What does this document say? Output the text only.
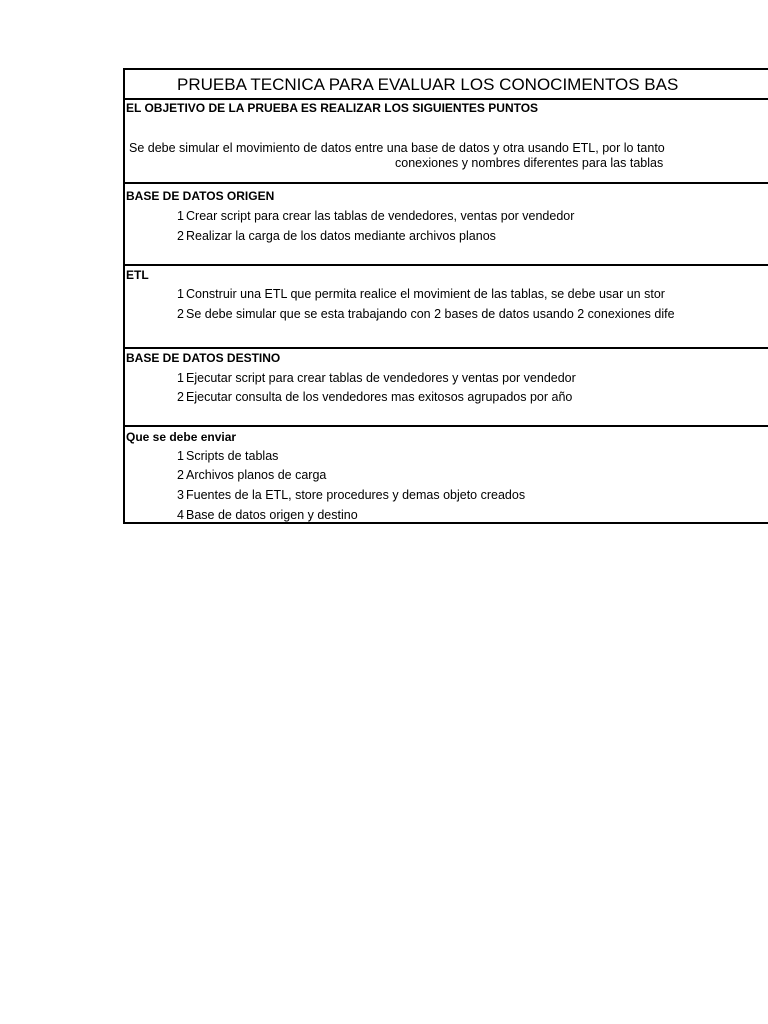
PRUEBA TECNICA PARA EVALUAR LOS CONOCIMENTOS BAS
EL OBJETIVO DE LA PRUEBA ES REALIZAR LOS SIGUIENTES PUNTOS
Se debe simular el movimiento de datos entre una base de datos y otra usando ETL, por lo tanto
conexiones y nombres diferentes para las tablas
BASE DE DATOS ORIGEN
1 Crear script para crear las tablas de vendedores, ventas por vendedor
2 Realizar la carga de los datos mediante archivos planos
ETL
1 Construir una ETL que permita realice el movimient de las tablas, se debe usar un stor
2 Se debe simular que se esta trabajando con 2 bases de datos usando 2 conexiones dife
BASE DE DATOS DESTINO
1 Ejecutar script para crear tablas de vendedores y ventas por vendedor
2 Ejecutar consulta de los vendedores mas exitosos agrupados por año
Que se debe enviar
1 Scripts de tablas
2 Archivos planos de carga
3 Fuentes de la ETL, store procedures y demas objeto creados
4 Base de datos origen y destino
